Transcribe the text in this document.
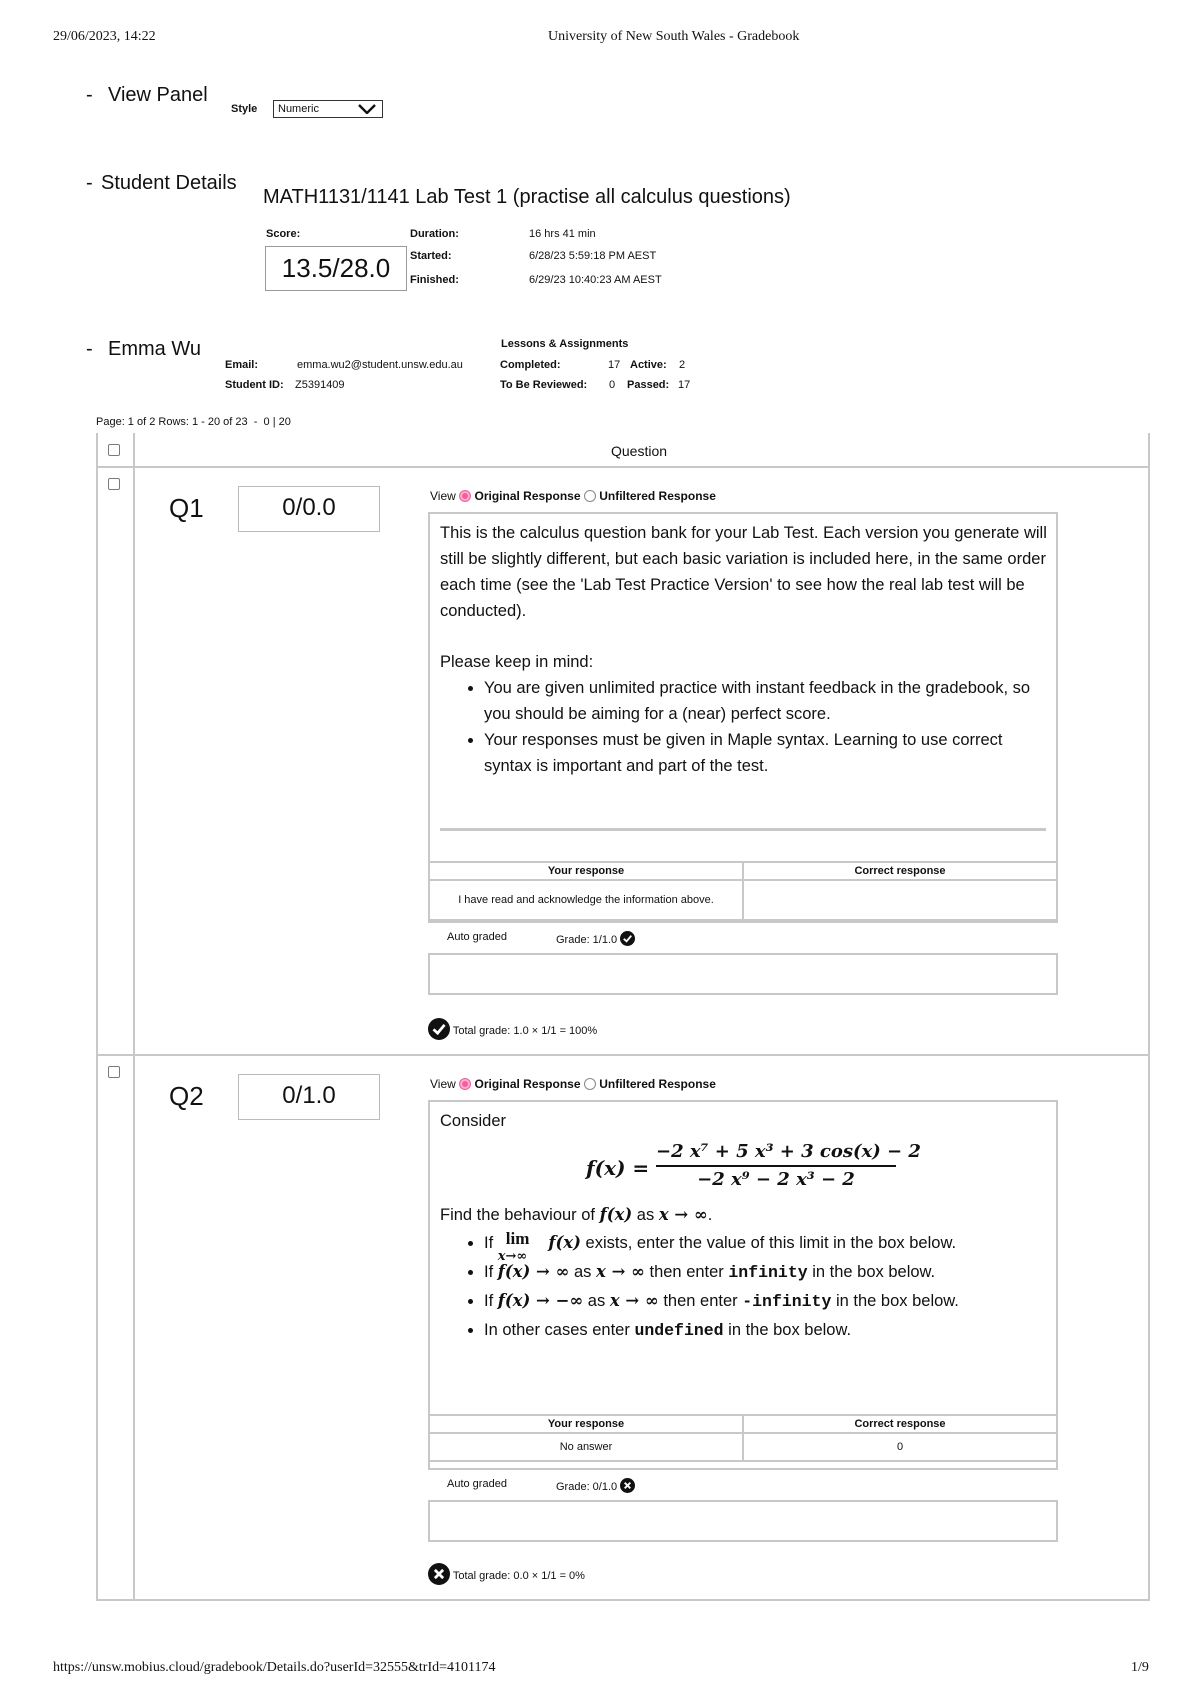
29/06/2023, 14:22	University of New South Wales - Gradebook
- View Panel
Style	Numeric
- Student Details
MATH1131/1141 Lab Test 1 (practise all calculus questions)
Score:
13.5/28.0
Duration:	16 hrs 41 min
Started:	6/28/23 5:59:18 PM AEST
Finished:	6/29/23 10:40:23 AM AEST
- Emma Wu	Lessons & Assignments
Email:	emma.wu2@student.unsw.edu.au	Completed:	17 Active: 2
Student ID: Z5391409	To Be Reviewed: 0 Passed: 17
Page: 1 of 2 Rows: 1 - 20 of 23  -  0 | 20
Question
Q1	0/0.0	View Original Response Unfiltered Response
This is the calculus question bank for your Lab Test. Each version you generate will still be slightly different, but each basic variation is included here, in the same order each time (see the 'Lab Test Practice Version' to see how the real lab test will be conducted).
Please keep in mind:
• You are given unlimited practice with instant feedback in the gradebook, so you should be aiming for a (near) perfect score.
• Your responses must be given in Maple syntax. Learning to use correct syntax is important and part of the test.
Your response	Correct response
I have read and acknowledge the information above.	
Auto graded	Grade: 1/1.0
Total grade: 1.0 × 1/1 = 100%
Q2	0/1.0	View Original Response Unfiltered Response
Consider
f(x) =
−2 x⁷ + 5 x³ + 3 cos(x) − 2
−2 x⁹ − 2 x³ − 2
Find the behaviour of f(x) as x → ∞.
• If lim
x→∞
f(x) exists, enter the value of this limit in the box below.
• If f(x) → ∞ as x → ∞ then enter infinity in the box below.
• If f(x) → −∞ as x → ∞ then enter -infinity in the box below.
• In other cases enter undefined in the box below.
Your response	Correct response
No answer	0
Auto graded	Grade: 0/1.0
Total grade: 0.0 × 1/1 = 0%
https://unsw.mobius.cloud/gradebook/Details.do?userId=32555&trId=4101174	1/9
